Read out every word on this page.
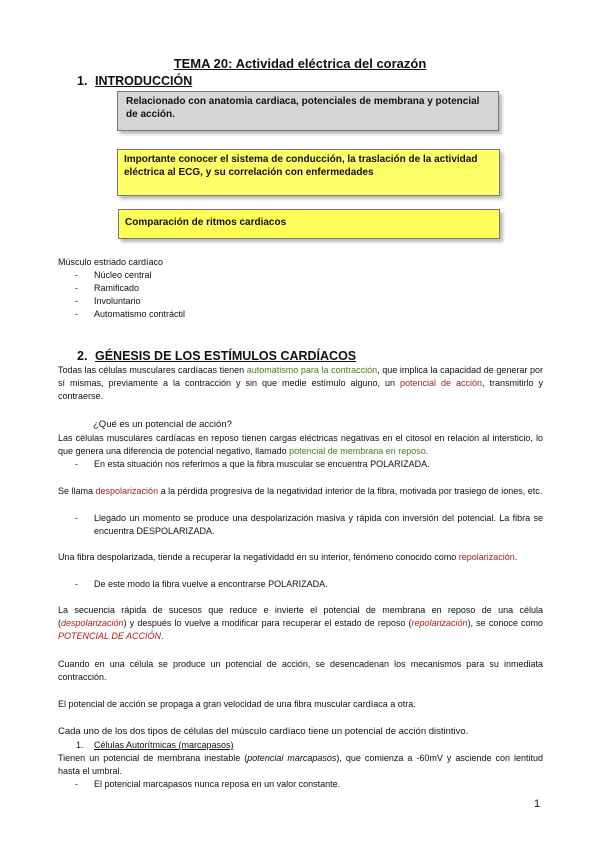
TEMA 20: Actividad eléctrica del corazón
1. INTRODUCCIÓN
Relacionado con anatomia cardiaca, potenciales de membrana y potencial de acción.
Importante conocer el sistema de conducción, la traslación de la actividad eléctrica al ECG, y su correlación con enfermedades
Comparación de ritmos cardiacos
Músculo estriado cardíaco
- Núcleo central
- Ramificado
- Involuntario
- Automatismo contráctil
2. GÉNESIS DE LOS ESTÍMULOS CARDÍACOS
Todas las células musculares cardíacas tienen automatismo para la contracción, que implica la capacidad de generar por sí mismas, previamente a la contracción y sin que medie estímulo alguno, un potencial de acción, transmitirlo y contraerse.
¿Qué es un potencial de acción?
Las células musculares cardíacas en reposo tienen cargas eléctricas negativas en el citosol en relación al intersticio, lo que genera una diferencia de potencial negativo, llamado potencial de membrana en reposo.
- En esta situación nos referimos a que la fibra muscular se encuentra POLARIZADA.
Se llama despolarización a la pérdida progresiva de la negatividad interior de la fibra, motivada por trasiego de iones, etc.
- Llegado un momento se produce una despolarización masiva y rápida con inversión del potencial. La fibra se encuentra DESPOLARIZADA.
Una fibra despolarizada, tiende a recuperar la negatividadd en su interior, fenómeno conocido como repolarización.
- De este modo la fibra vuelve a encontrarse POLARIZADA.
La secuencia rápida de sucesos que reduce e invierte el potencial de membrana en reposo de una célula (despolarización) y después lo vuelve a modificar para recuperar el estado de reposo (repolarización), se conoce como POTENCIAL DE ACCIÓN.
Cuando en una célula se produce un potencial de acción, se desencadenan los mecanismos para su inmediata contracción.
El potencial de acción se propaga a gran velocidad de una fibra muscular cardíaca a otra.
Cada uno de los dos tipos de células del músculo cardíaco tiene un potencial de acción distintivo.
1. Células Autorítmicas (marcapasos)
Tienen un potencial de membrana inestable (potencial marcapasos), que comienza a -60mV y asciende con lentitud hasta el umbral.
- El potencial marcapasos nunca reposa en un valor constante.
1
